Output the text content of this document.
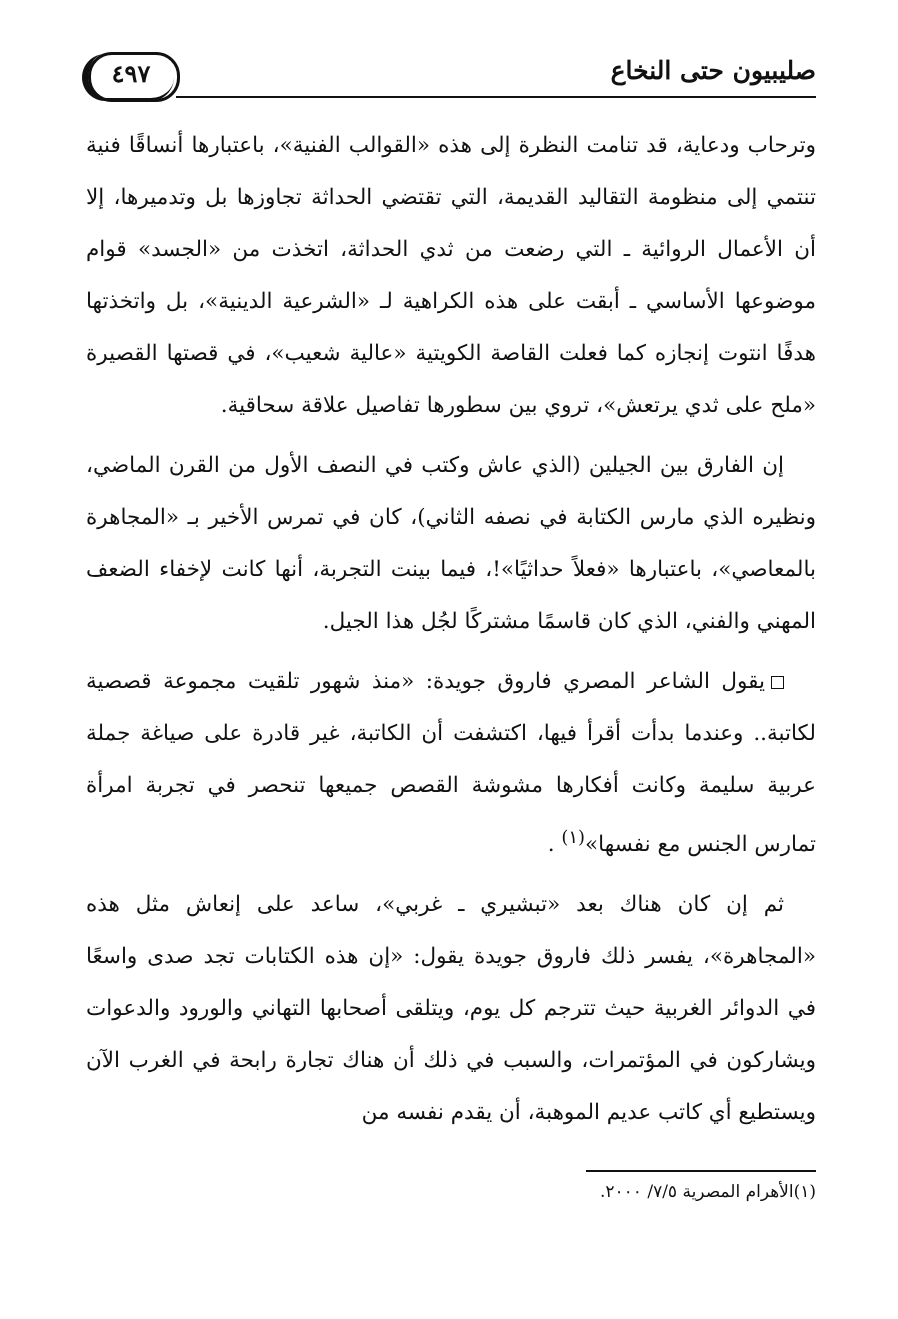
صليبيون حتى النخاع
٤٩٧

وترحاب ودعاية، قد تنامت النظرة إلى هذه «القوالب الفنية»، باعتبارها أنساقًا فنية تنتمي إلى منظومة التقاليد القديمة، التي تقتضي الحداثة تجاوزها بل وتدميرها، إلا أن الأعمال الروائية ـ التي رضعت من ثدي الحداثة، اتخذت من «الجسد» قوام موضوعها الأساسي ـ أبقت على هذه الكراهية لـ «الشرعية الدينية»، بل واتخذتها هدفًا انتوت إنجازه كما فعلت القاصة الكويتية «عالية شعيب»، في قصتها القصيرة «ملح على ثدي يرتعش»، تروي بين سطورها تفاصيل علاقة سحاقية.

إن الفارق بين الجيلين (الذي عاش وكتب في النصف الأول من القرن الماضي، ونظيره الذي مارس الكتابة في نصفه الثاني)، كان في تمرس الأخير بـ «المجاهرة بالمعاصي»، باعتبارها «فعلاً حداثيًا»!، فيما بينت التجربة، أنها كانت لإخفاء الضعف المهني والفني، الذي كان قاسمًا مشتركًا لجُل هذا الجيل.

يقول الشاعر المصري فاروق جويدة: «منذ شهور تلقيت مجموعة قصصية لكاتبة.. وعندما بدأت أقرأ فيها، اكتشفت أن الكاتبة، غير قادرة على صياغة جملة عربية سليمة وكانت أفكارها مشوشة القصص جميعها تنحصر في تجربة امرأة تمارس الجنس مع نفسها»$^{(١)}$ .

ثم إن كان هناك بعد «تبشيري ـ غربي»، ساعد على إنعاش مثل هذه «المجاهرة»، يفسر ذلك فاروق جويدة يقول: «إن هذه الكتابات تجد صدى واسعًا في الدوائر الغربية حيث تترجم كل يوم، ويتلقى أصحابها التهاني والورود والدعوات ويشاركون في المؤتمرات، والسبب في ذلك أن هناك تجارة رابحة في الغرب الآن ويستطيع أي كاتب عديم الموهبة، أن يقدم نفسه من

(١)الأهرام المصرية ٧/٥/ ٢٠٠٠.
